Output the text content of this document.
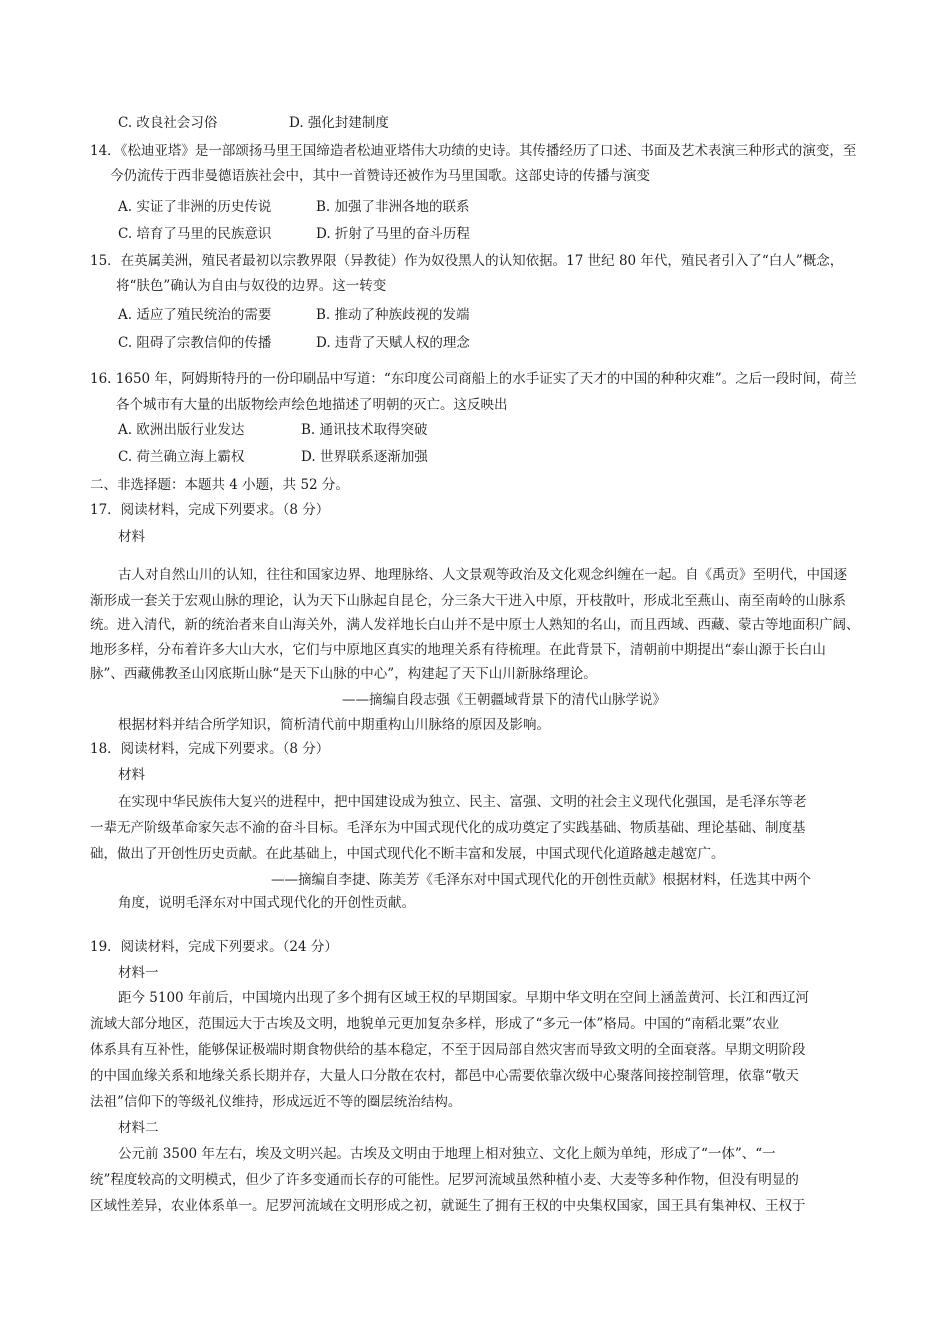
C. 改良社会习俗	D. 强化封建制度
14．《松迪亚塔》是一部颂扬马里王国缔造者松迪亚塔伟大功绩的史诗。其传播经历了口述、书面及艺术表演三种形式的演变，至
今仍流传于西非曼德语族社会中，其中一首赞诗还被作为马里国歌。这部史诗的传播与演变
A. 实证了非洲的历史传说	B. 加强了非洲各地的联系
C. 培育了马里的民族意识	D. 折射了马里的奋斗历程
15．在英属美洲，殖民者最初以宗教界限（异教徒）作为奴役黑人的认知依据。17 世纪 80 年代，殖民者引入了“白人”概念，
将“肤色”确认为自由与奴役的边界。这一转变
A. 适应了殖民统治的需要	B. 推动了种族歧视的发端
C. 阻碍了宗教信仰的传播	D. 违背了天赋人权的理念
16. 1650 年，阿姆斯特丹的一份印刷品中写道：“东印度公司商船上的水手证实了天才的中国的种种灾难”。之后一段时间，荷兰
各个城市有大量的出版物绘声绘色地描述了明朝的灭亡。这反映出
A. 欧洲出版行业发达	B. 通讯技术取得突破
C. 荷兰确立海上霸权	D. 世界联系逐渐加强
二、非选择题：本题共 4 小题，共 52 分。
17．阅读材料，完成下列要求。（8 分）
材料
古人对自然山川的认知，往往和国家边界、地理脉络、人文景观等政治及文化观念纠缠在一起。自《禹贡》至明代，中国逐
渐形成一套关于宏观山脉的理论，认为天下山脉起自昆仑，分三条大干进入中原，开枝散叶，形成北至燕山、南至南岭的山脉系
统。进入清代，新的统治者来自山海关外，满人发祥地长白山并不是中原士人熟知的名山，而且西域、西藏、蒙古等地面积广阔、
地形多样，分布着许多大山大水，它们与中原地区真实的地理关系有待梳理。在此背景下，清朝前中期提出“泰山源于长白山
脉”、西藏佛教圣山冈底斯山脉“是天下山脉的中心”，构建起了天下山川新脉络理论。
——摘编自段志强《王朝疆域背景下的清代山脉学说》
根据材料并结合所学知识，简析清代前中期重构山川脉络的原因及影响。
18．阅读材料，完成下列要求。（8 分）
材料
在实现中华民族伟大复兴的进程中，把中国建设成为独立、民主、富强、文明的社会主义现代化强国，是毛泽东等老
一辈无产阶级革命家矢志不渝的奋斗目标。毛泽东为中国式现代化的成功奠定了实践基础、物质基础、理论基础、制度基
础，做出了开创性历史贡献。在此基础上，中国式现代化不断丰富和发展，中国式现代化道路越走越宽广。
——摘编自李捷、陈美芳《毛泽东对中国式现代化的开创性贡献》根据材料，任选其中两个
角度，说明毛泽东对中国式现代化的开创性贡献。
19．阅读材料，完成下列要求。（24 分）
材料一
距今 5100 年前后，中国境内出现了多个拥有区域王权的早期国家。早期中华文明在空间上涵盖黄河、长江和西辽河
流域大部分地区，范围远大于古埃及文明，地貌单元更加复杂多样，形成了“多元一体”格局。中国的“南稻北粟”农业
体系具有互补性，能够保证极端时期食物供给的基本稳定，不至于因局部自然灾害而导致文明的全面衰落。早期文明阶段
的中国血缘关系和地缘关系长期并存，大量人口分散在农村，都邑中心需要依靠次级中心聚落间接控制管理，依靠“敬天
法祖”信仰下的等级礼仪维持，形成远近不等的圈层统治结构。
材料二
公元前 3500 年左右，埃及文明兴起。古埃及文明由于地理上相对独立、文化上颇为单纯，形成了“一体”、“一
统”程度较高的文明模式，但少了许多变通而长存的可能性。尼罗河流域虽然种植小麦、大麦等多种作物，但没有明显的
区域性差异，农业体系单一。尼罗河流域在文明形成之初，就诞生了拥有王权的中央集权国家，国王具有集神权、王权于
